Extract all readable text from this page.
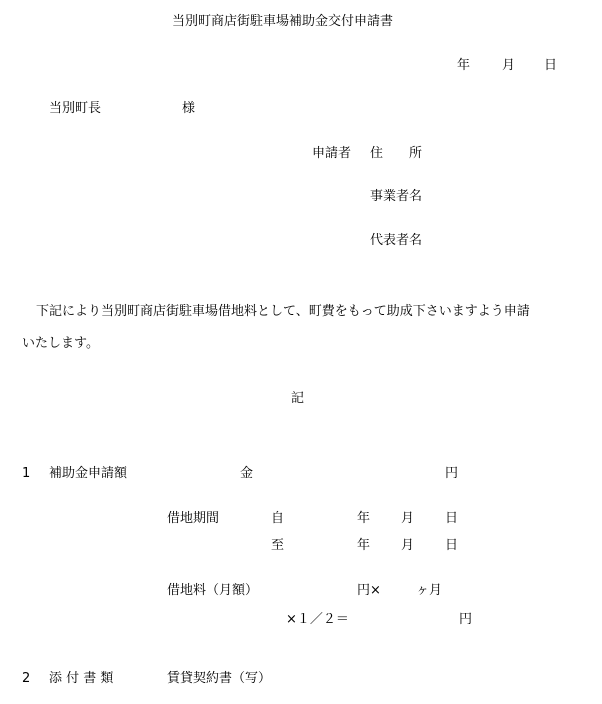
当別町商店街駐車場補助金交付申請書
年 月 日
当別町長	様
申請者 住　　所
事業者名
代表者名
下記により当別町商店街駐車場借地料として、町費をもって助成下さいますよう申請
いたします。
記
1 補助金申請額	金	円
借地期間	自	年 月 日
至	年 月 日
借地料（月額）	円×	ヶ月
×１／２＝	円
2 添 付 書 類	賃貸契約書（写）
